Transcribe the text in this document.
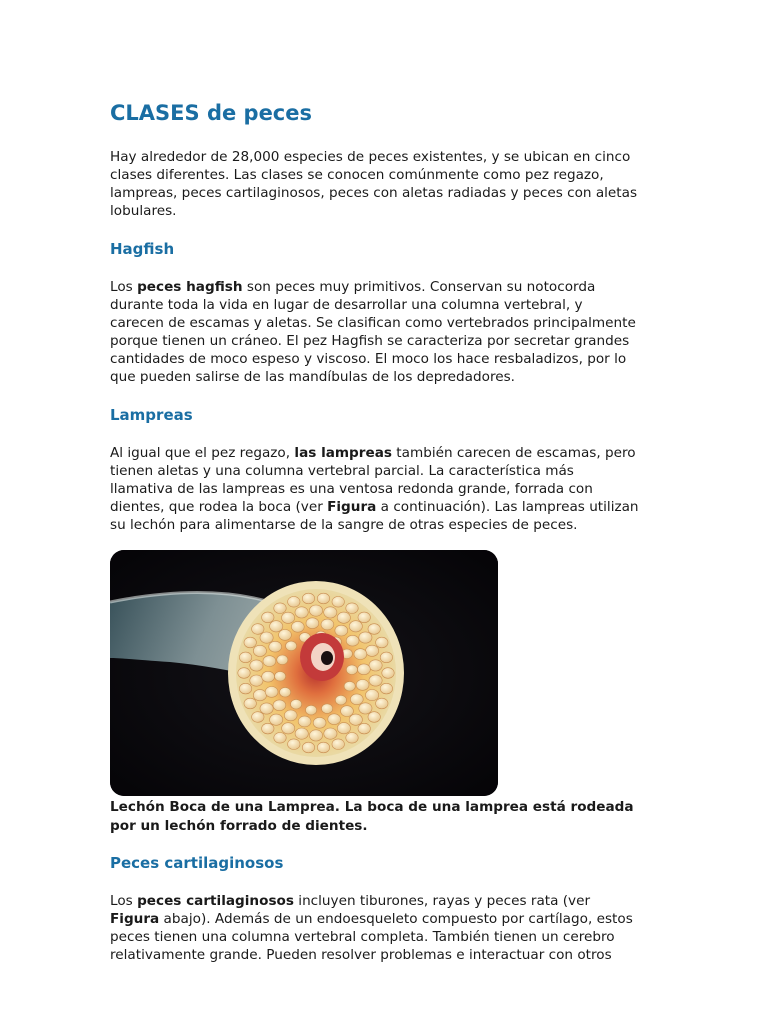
CLASES de peces

Hay alrededor de 28,000 especies de peces existentes, y se ubican en cinco clases diferentes. Las clases se conocen comúnmente como pez regazo, lampreas, peces cartilaginosos, peces con aletas radiadas y peces con aletas lobulares.

Hagfish

Los peces hagfish son peces muy primitivos. Conservan su notocorda durante toda la vida en lugar de desarrollar una columna vertebral, y carecen de escamas y aletas. Se clasifican como vertebrados principalmente porque tienen un cráneo. El pez Hagfish se caracteriza por secretar grandes cantidades de moco espeso y viscoso. El moco los hace resbaladizos, por lo que pueden salirse de las mandíbulas de los depredadores.

Lampreas

Al igual que el pez regazo, las lampreas también carecen de escamas, pero tienen aletas y una columna vertebral parcial. La característica más llamativa de las lampreas es una ventosa redonda grande, forrada con dientes, que rodea la boca (ver Figura a continuación). Las lampreas utilizan su lechón para alimentarse de la sangre de otras especies de peces.

Lechón Boca de una Lamprea. La boca de una lamprea está rodeada por un lechón forrado de dientes.
Peces cartilaginosos

Los peces cartilaginosos incluyen tiburones, rayas y peces rata (ver Figura abajo). Además de un endoesqueleto compuesto por cartílago, estos peces tienen una columna vertebral completa. También tienen un cerebro relativamente grande. Pueden resolver problemas e interactuar con otros
